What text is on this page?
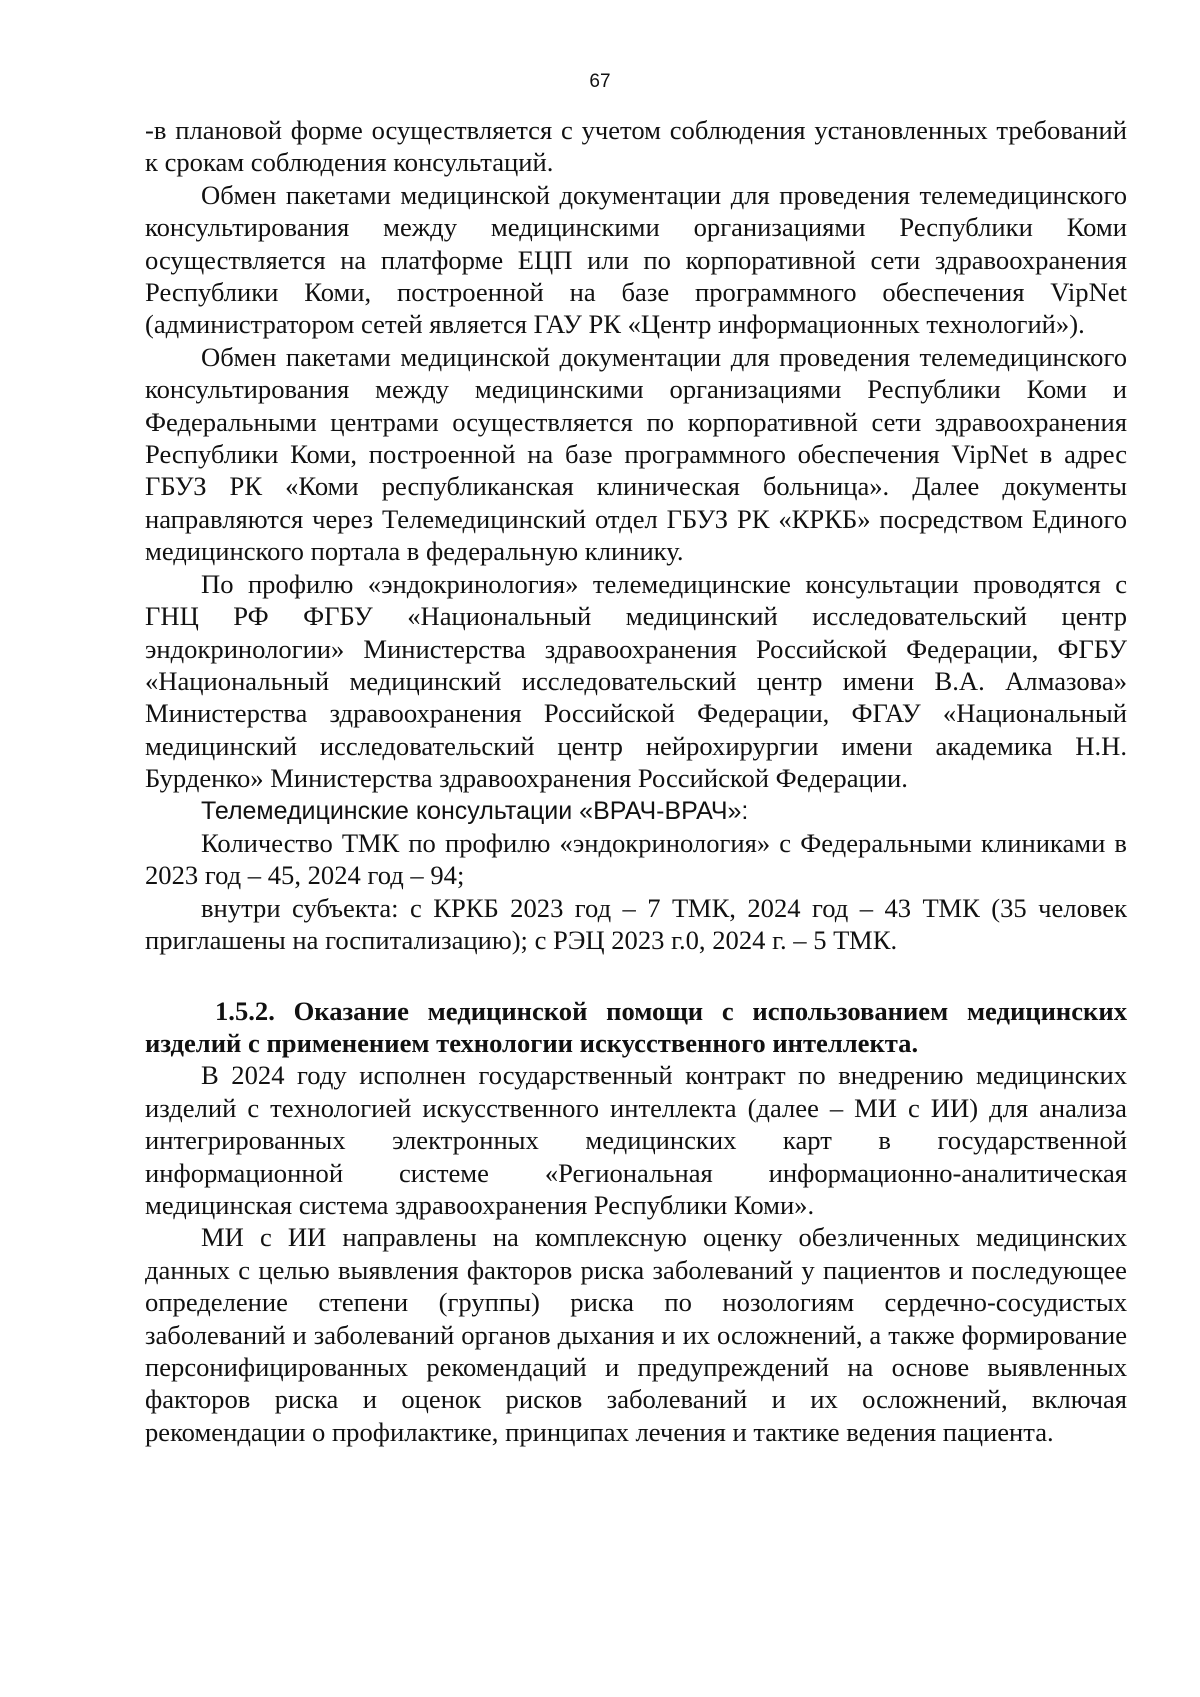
67

-в плановой форме осуществляется с учетом соблюдения установленных требований к срокам соблюдения консультаций.

Обмен пакетами медицинской документации для проведения телемедицинского консультирования между медицинскими организациями Республики Коми осуществляется на платформе ЕЦП или по корпоративной сети здравоохранения Республики Коми, построенной на базе программного обеспечения VipNet (администратором сетей является ГАУ РК «Центр информационных технологий»).

Обмен пакетами медицинской документации для проведения телемедицинского консультирования между медицинскими организациями Республики Коми и Федеральными центрами осуществляется по корпоративной сети здравоохранения Республики Коми, построенной на базе программного обеспечения VipNet в адрес ГБУЗ РК «Коми республиканская клиническая больница». Далее документы направляются через Телемедицинский отдел ГБУЗ РК «КРКБ» посредством Единого медицинского портала в федеральную клинику.

По профилю «эндокринология» телемедицинские консультации проводятся с ГНЦ РФ ФГБУ «Национальный медицинский исследовательский центр эндокринологии» Министерства здравоохранения Российской Федерации, ФГБУ «Национальный медицинский исследовательский центр имени В.А. Алмазова» Министерства здравоохранения Российской Федерации, ФГАУ «Национальный медицинский исследовательский центр нейрохирургии имени академика Н.Н. Бурденко» Министерства здравоохранения Российской Федерации.

Телемедицинские консультации «ВРАЧ-ВРАЧ»:

Количество ТМК по профилю «эндокринология» с Федеральными клиниками в 2023 год – 45, 2024 год – 94;

внутри субъекта: с КРКБ 2023 год – 7 ТМК, 2024 год – 43 ТМК (35 человек приглашены на госпитализацию); с РЭЦ 2023 г.0, 2024 г. – 5 ТМК.

1.5.2. Оказание медицинской помощи с использованием медицинских изделий с применением технологии искусственного интеллекта.

В 2024 году исполнен государственный контракт по внедрению медицинских изделий с технологией искусственного интеллекта (далее – МИ с ИИ) для анализа интегрированных электронных медицинских карт в государственной информационной системе «Региональная информационно-аналитическая медицинская система здравоохранения Республики Коми».

МИ с ИИ направлены на комплексную оценку обезличенных медицинских данных с целью выявления факторов риска заболеваний у пациентов и последующее определение степени (группы) риска по нозологиям сердечно-сосудистых заболеваний и заболеваний органов дыхания и их осложнений, а также формирование персонифицированных рекомендаций и предупреждений на основе выявленных факторов риска и оценок рисков заболеваний и их осложнений, включая рекомендации о профилактике, принципах лечения и тактике ведения пациента.
